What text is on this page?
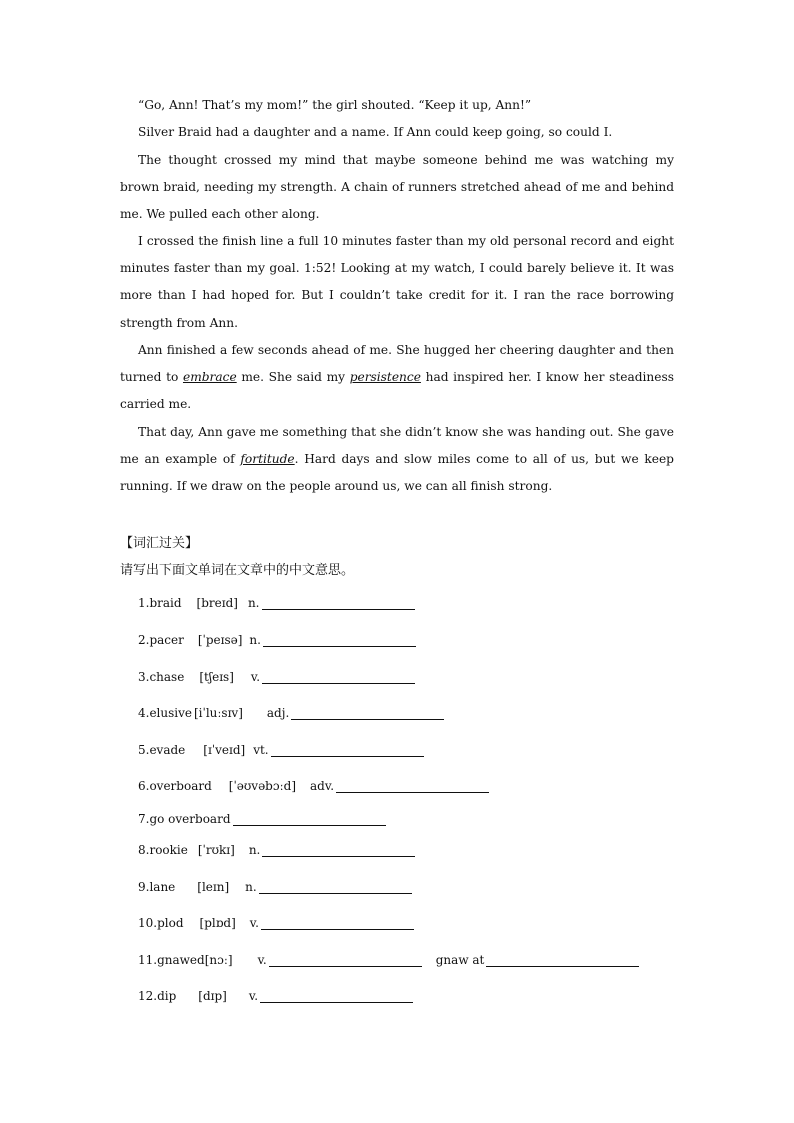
“Go, Ann! That’s my mom!” the girl shouted. “Keep it up, Ann!”

Silver Braid had a daughter and a name. If Ann could keep going, so could I.

The thought crossed my mind that maybe someone behind me was watching my brown braid, needing my strength. A chain of runners stretched ahead of me and behind me. We pulled each other along.

I crossed the finish line a full 10 minutes faster than my old personal record and eight minutes faster than my goal. 1:52! Looking at my watch, I could barely believe it. It was more than I had hoped for. But I couldn’t take credit for it. I ran the race borrowing strength from Ann.

Ann finished a few seconds ahead of me. She hugged her cheering daughter and then turned to embrace me. She said my persistence had inspired her. I know her steadiness carried me.

That day, Ann gave me something that she didn’t know she was handing out. She gave me an example of fortitude. Hard days and slow miles come to all of us, but we keep running. If we draw on the people around us, we can all finish strong.

【词汇过关】
请写出下面文单词在文章中的中文意思。
1. braid [breɪd] n.
2. pacer [ˈpeɪsə] n.
3. chase [tʃeɪs] v.
4. elusive [iˈluːsɪv] adj.
5. evade [ɪˈveɪd] vt.
6. overboard [ˈəʊvəbɔːd] adv.
7. go overboard
8. rookie [ˈrʊkɪ] n.
9. lane [leɪn] n.
10. plod [plɒd] v.
11. gnawed [nɔː] v.	gnaw at
12. dip [dɪp] v.
